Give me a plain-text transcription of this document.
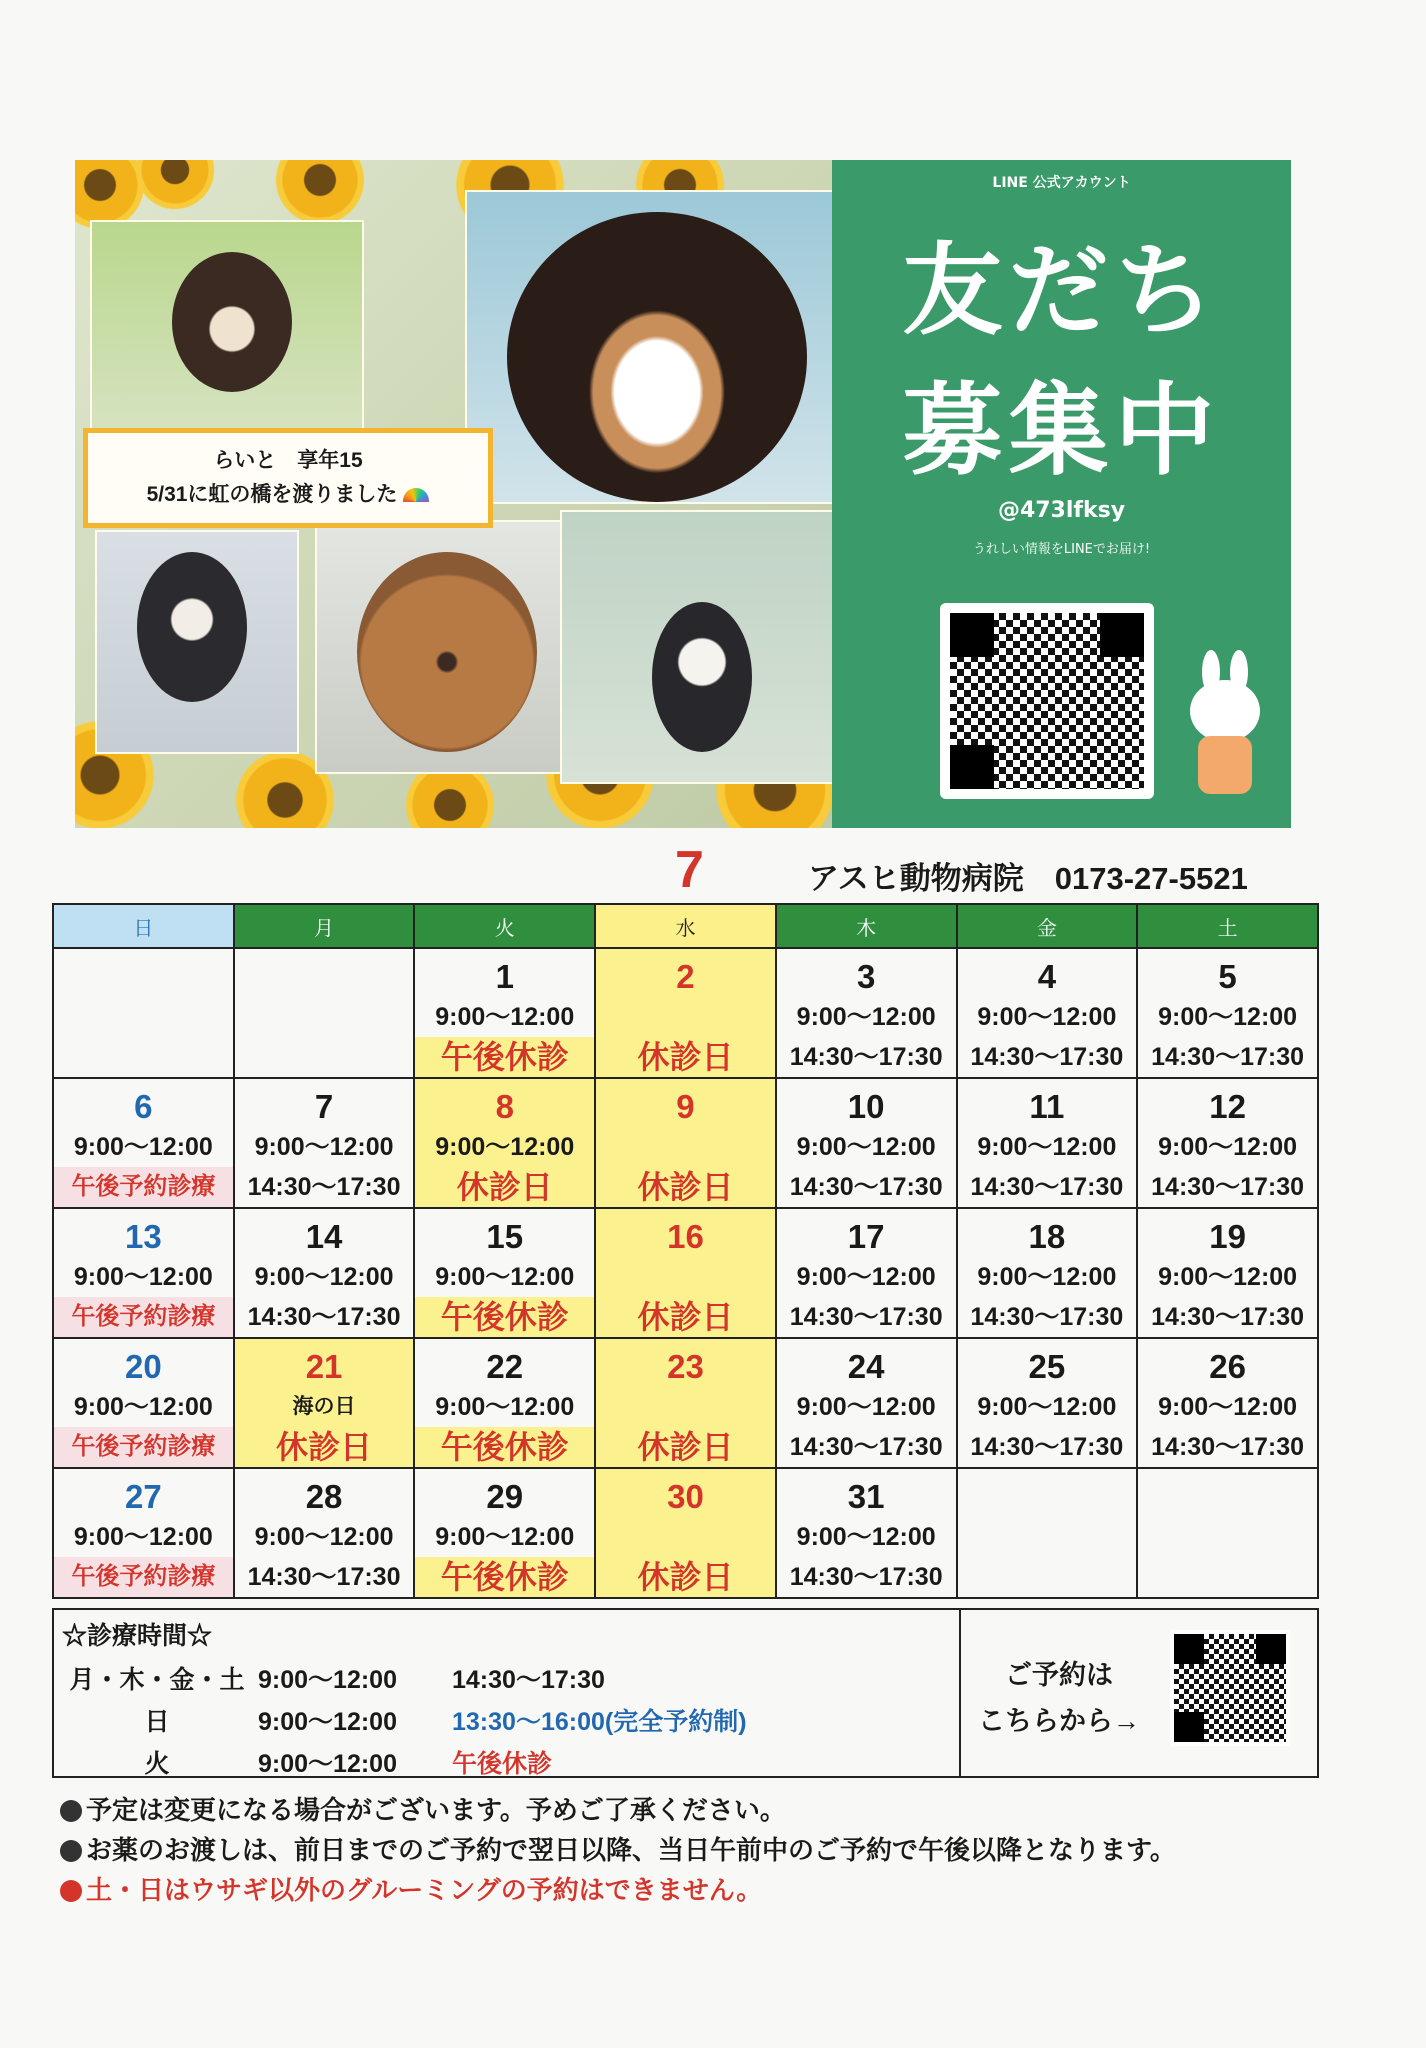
らいと　享年15
5/31に虹の橋を渡りました
LINE 公式アカウント
友だち
募集中
@473lfksy
うれしい情報をLINEでお届け!
7	アスヒ動物病院　0173-27-5521
日	月	火	水	木	金	土

		1
9:00～12:00
午後休診	2
休診日	3
9:00～12:00
14:30～17:30	4
9:00～12:00
14:30～17:30	5
9:00～12:00
14:30～17:30

6
9:00～12:00
午後予約診療	7
9:00～12:00
14:30～17:30	8
9:00～12:00
休診日	9
休診日	10
9:00～12:00
14:30～17:30	11
9:00～12:00
14:30～17:30	12
9:00～12:00
14:30～17:30

13
9:00～12:00
午後予約診療	14
9:00～12:00
14:30～17:30	15
9:00～12:00
午後休診	16
休診日	17
9:00～12:00
14:30～17:30	18
9:00～12:00
14:30～17:30	19
9:00～12:00
14:30～17:30

20
9:00～12:00
午後予約診療	21
海の日
休診日	22
9:00～12:00
午後休診	23
休診日	24
9:00～12:00
14:30～17:30	25
9:00～12:00
14:30～17:30	26
9:00～12:00
14:30～17:30

27
9:00～12:00
午後予約診療	28
9:00～12:00
14:30～17:30	29
9:00～12:00
午後休診	30
休診日	31
9:00～12:00
14:30～17:30		

☆診療時間☆
月・木・金・土 9:00～12:00 14:30～17:30
日	9:00～12:00 13:30～16:00(完全予約制)
火	9:00～12:00 午後休診
ご予約は
こちらから→
予定は変更になる場合がございます。予めご了承ください。
お薬のお渡しは、前日までのご予約で翌日以降、当日午前中のご予約で午後以降となります。
土・日はウサギ以外のグルーミングの予約はできません。
